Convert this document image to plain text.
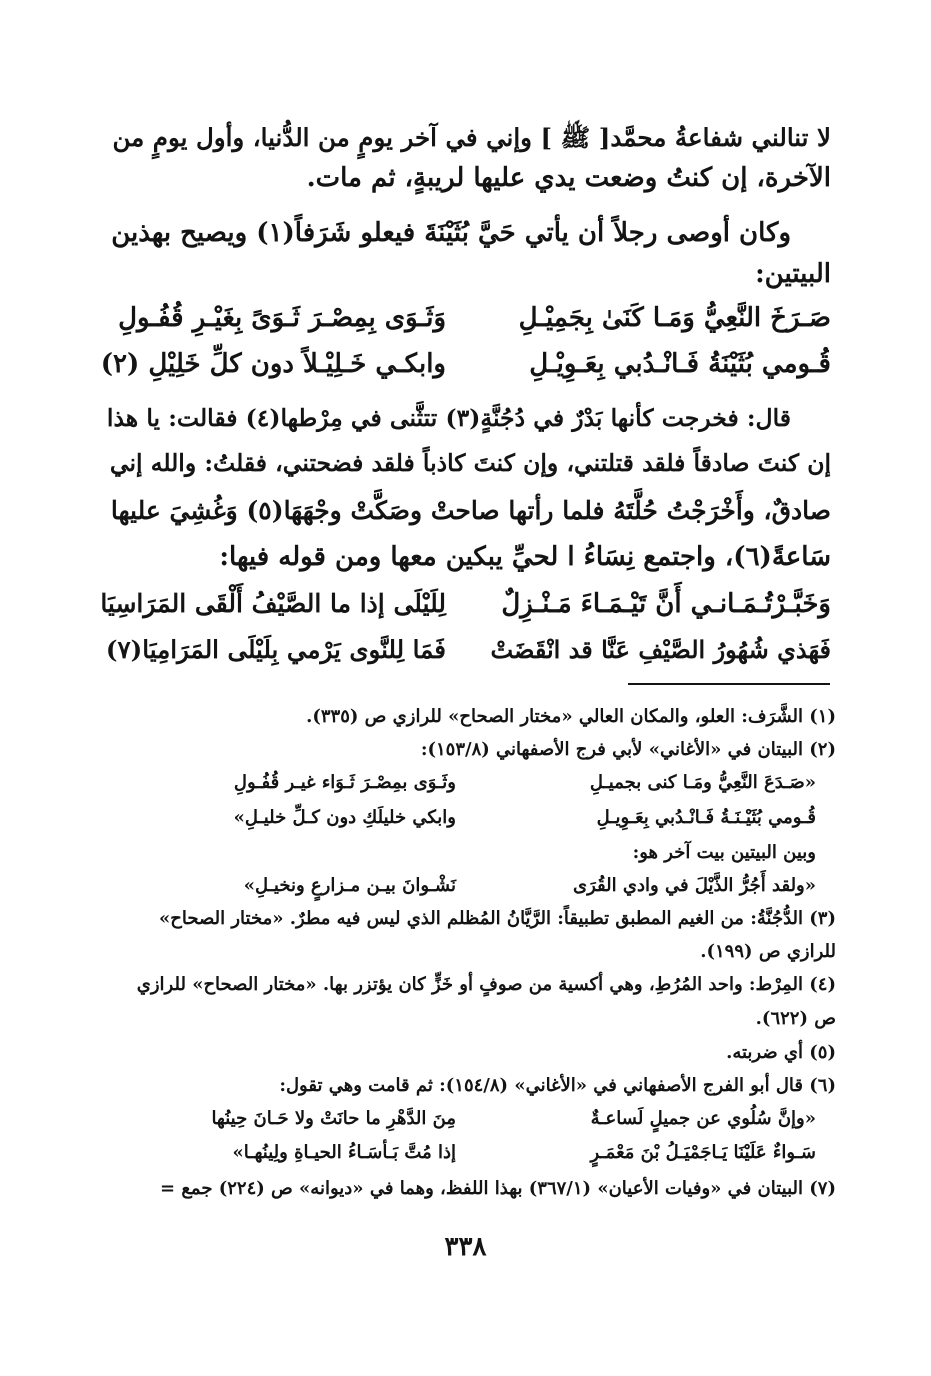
لا تنالني شفاعةُ محمَّد[ ﷺ ] وإني في آخر يومٍ من الدُّنيا، وأول يومٍ من
الآخرة، إن كنتُ وضعت يدي عليها لريبةٍ، ثم مات.
وكان أوصى رجلاً أن يأتي حَيَّ بُثَيْنَةَ فيعلو شَرَفاً(١) ويصيح بهذين
البيتين:
صَـرَخَ النَّعِيُّ وَمَـا كَنَىٰ بِجَمِيْـلِ
وَثَـوَى بِمِصْـرَ ثَـوَىً بِغَيْـرِ قُفُـولِ
قُـومي بُثَيْنَةُ فَـانْـدُبي بِعَـوِيْـلِ
وابكـي خَـلِيْـلاً دون كلِّ خَلِيْلِ (٢)
قال: فخرجت كأنها بَدْرٌ في دُجُنَّةٍ(٣) تتثَّنى في مِرْطها(٤) فقالت: يا هذا
إن كنتَ صادقاً فلقد قتلتني، وإن كنتَ كاذباً فلقد فضحتني، فقلتُ: والله إني
صادقٌ، وأَخْرَجْتُ حُلَّتَهُ فلما رأتها صاحتْ وصَكَّتْ وجْهَهَا(٥) وَغُشِيَ عليها
سَاعةً(٦)، واجتمع نِسَاءُ ا لحيِّ يبكين معها ومن قوله فيها:
وَخَبَّـرْتُـمَـانـي أَنَّ تَيْـمَـاءَ مَـنْـزِلٌ
لِلَيْلَى إذا ما الصَّيْفُ أَلْقَى المَرَاسِيَا
فَهَذي شُهُورُ الصَّيْفِ عَنَّا قد انْقَضَتْ
فَمَا لِلنَّوى يَرْمي بِلَيْلَى المَرَامِيَا(٧)
(١) الشَّرَف: العلو، والمكان العالي «مختار الصحاح» للرازي ص (٣٣٥).
(٢) البيتان في «الأغاني» لأبي فرج الأصفهاني (١٥٣/٨):
«صَـدَعَ النَّعِيُّ ومَـا كنى بجميـلِ
وثَـوَى بمِصْـرَ ثَـوَاء غيـر قُفُـولِ
قُـومي بُثَيْـنَـةُ فَـانْـدُبي بِعَـوِيـلِ
وابكي خليلَكِ دون كـلِّ خليـلِ»
وبين البيتين بيت آخر هو:
«ولقد أَجُرُّ الذَّيْلَ في وادي القُرَى
نَشْـوانَ بيـن مـزارعٍ ونخيـلِ»
(٣) الدُّجُنَّةُ: من الغيم المطبق تطبيقاً: الرَّيَّانُ المُظلم الذي ليس فيه مطرٌ. «مختار الصحاح»
للرازي ص (١٩٩).
(٤) المِرْط: واحد المُرُطِ، وهي أكسية من صوفٍ أو خَزٍّ كان يؤتزر بها. «مختار الصحاح» للرازي
ص (٦٢٢).
(٥) أي ضربته.
(٦) قال أبو الفرج الأصفهاني في «الأغاني» (١٥٤/٨): ثم قامت وهي تقول:
«وإنَّ سُلُوي عن جميلٍ لَساعـةٌ
مِنَ الدَّهْرِ ما حانَتْ ولا حَـانَ حِينُها
سَـواءٌ عَلَيْنَا يَـاجَمْيَـلُ بْنَ مَعْمَـرٍ
إذا مُتَّ بَـأسَـاءُ الحيـاةِ ولِينُهـا»
(٧) البيتان في «وفيات الأعيان» (٣٦٧/١) بهذا اللفظ، وهما في «ديوانه» ص (٢٢٤) جمع =
٣٣٨
